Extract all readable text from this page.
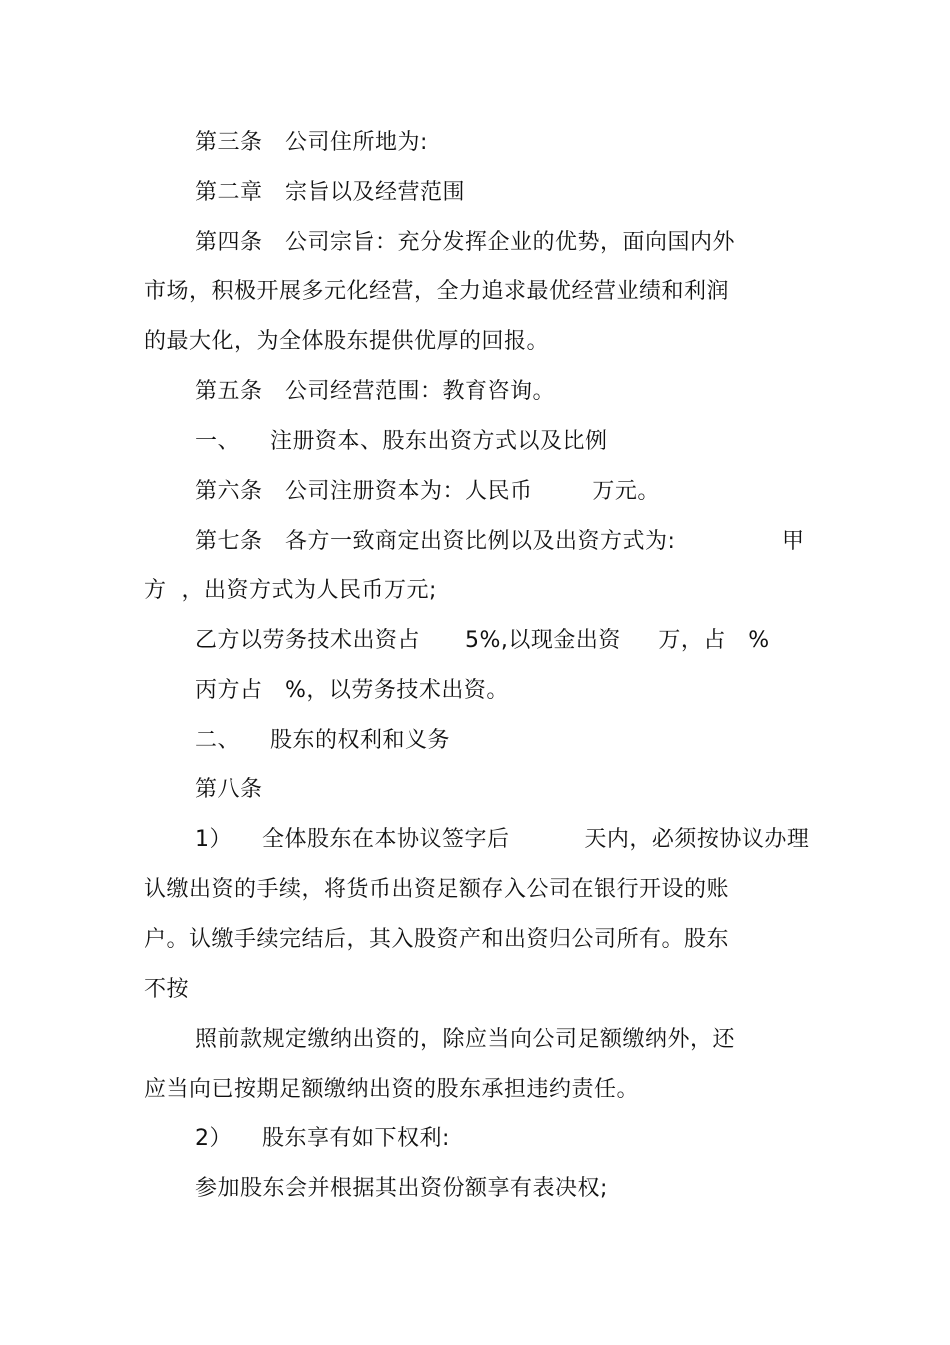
第三条   公司住所地为:
第二章   宗旨以及经营范围
第四条   公司宗旨：充分发挥企业的优势，面向国内外
市场，积极开展多元化经营，全力追求最优经营业绩和利润
的最大化，为全体股东提供优厚的回报。
第五条   公司经营范围：教育咨询。
一、    注册资本、股东出资方式以及比例
第六条   公司注册资本为：人民币        万元。
第七条   各方一致商定出资比例以及出资方式为:	甲
方  ，出资方式为人民币万元;
乙方以劳务技术出资占      5%,以现金出资     万，占   %
丙方占   %，以劳务技术出资。
二、    股东的权利和义务
第八条
1）    全体股东在本协议签字后          天内，必须按协议办理
认缴出资的手续，将货币出资足额存入公司在银行开设的账
户。认缴手续完结后，其入股资产和出资归公司所有。股东
不按
照前款规定缴纳出资的，除应当向公司足额缴纳外，还
应当向已按期足额缴纳出资的股东承担违约责任。
2）    股东享有如下权利:
参加股东会并根据其出资份额享有表决权;
